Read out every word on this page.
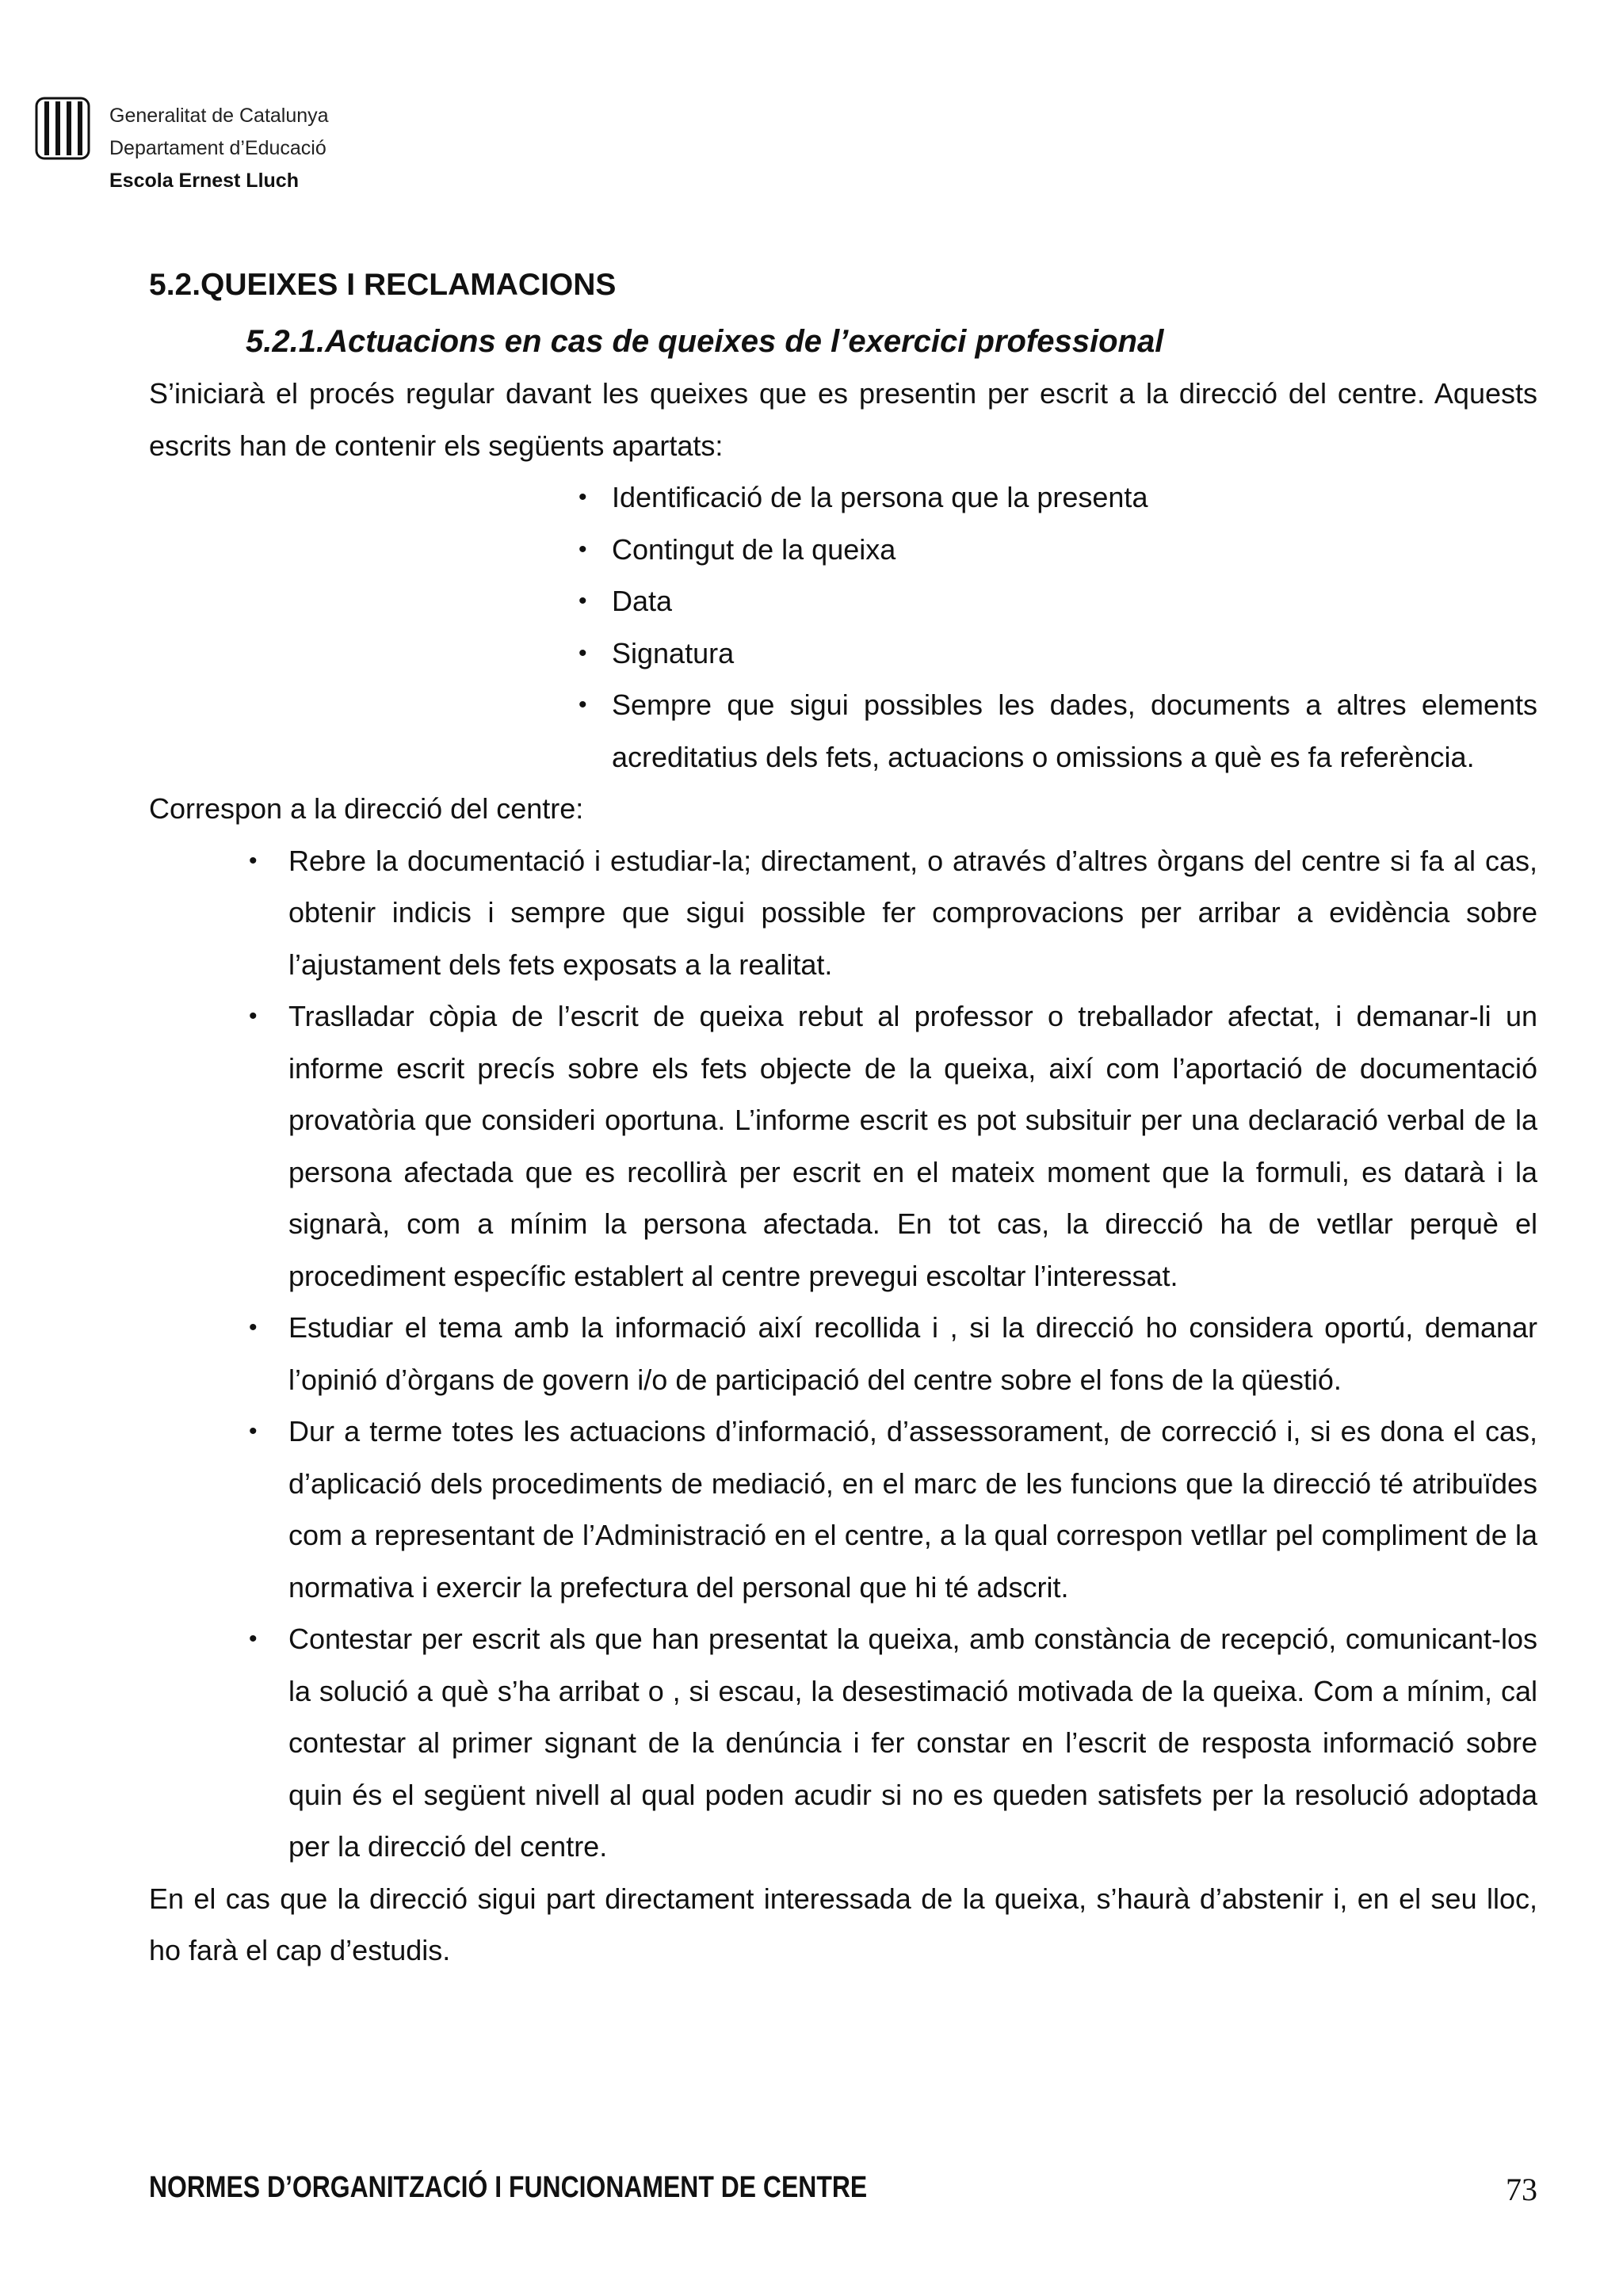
Generalitat de Catalunya
Departament d’Educació
Escola Ernest Lluch
5.2.QUEIXES I RECLAMACIONS
5.2.1.Actuacions en cas de queixes de l’exercici professional

S’iniciarà el procés regular davant les queixes que es presentin per escrit a la direcció del centre. Aquests escrits han de contenir els següents apartats:

• Identificació de la persona que la presenta
• Contingut de la queixa
• Data
• Signatura
• Sempre que sigui possibles les dades, documents a altres elements acreditatius dels fets, actuacions o omissions a què es fa referència.

Correspon a la direcció del centre:

• Rebre la documentació i estudiar-la; directament, o através d’altres òrgans del centre si fa al cas, obtenir indicis i sempre que sigui possible fer comprovacions per arribar a evidència sobre l’ajustament dels fets exposats a la realitat.
• Traslladar còpia de l’escrit de queixa rebut al professor o treballador afectat, i demanar-li un informe escrit precís sobre els fets objecte de la queixa, així com l’aportació de documentació provatòria que consideri oportuna. L’informe escrit es pot subsituir per una declaració verbal de la persona afectada que es recollirà per escrit en el mateix moment que la formuli, es datarà i la signarà, com a mínim la persona afectada. En tot cas, la direcció ha de vetllar perquè el procediment específic establert al centre prevegui escoltar l’interessat.
• Estudiar el tema amb la informació així recollida i , si la direcció ho considera oportú, demanar l’opinió d’òrgans de govern i/o de participació del centre sobre el fons de la qüestió.
• Dur a terme totes les actuacions d’informació, d’assessorament, de correcció i, si es dona el cas, d’aplicació dels procediments de mediació, en el marc de les funcions que la direcció té atribuïdes com a representant de l’Administració en el centre, a la qual correspon vetllar pel compliment de la normativa i exercir la prefectura del personal que hi té adscrit.
• Contestar per escrit als que han presentat la queixa, amb constància de recepció, comunicant-los la solució a què s’ha arribat o , si escau, la desestimació motivada de la queixa. Com a mínim, cal contestar al primer signant de la denúncia i fer constar en l’escrit de resposta informació sobre quin és el següent nivell al qual poden acudir si no es queden satisfets per la resolució adoptada per la direcció del centre.

En el cas que la direcció sigui part directament interessada de la queixa, s’haurà d’abstenir i, en el seu lloc, ho farà el cap d’estudis.

NORMES D’ORGANITZACIÓ I FUNCIONAMENT DE CENTRE	73
